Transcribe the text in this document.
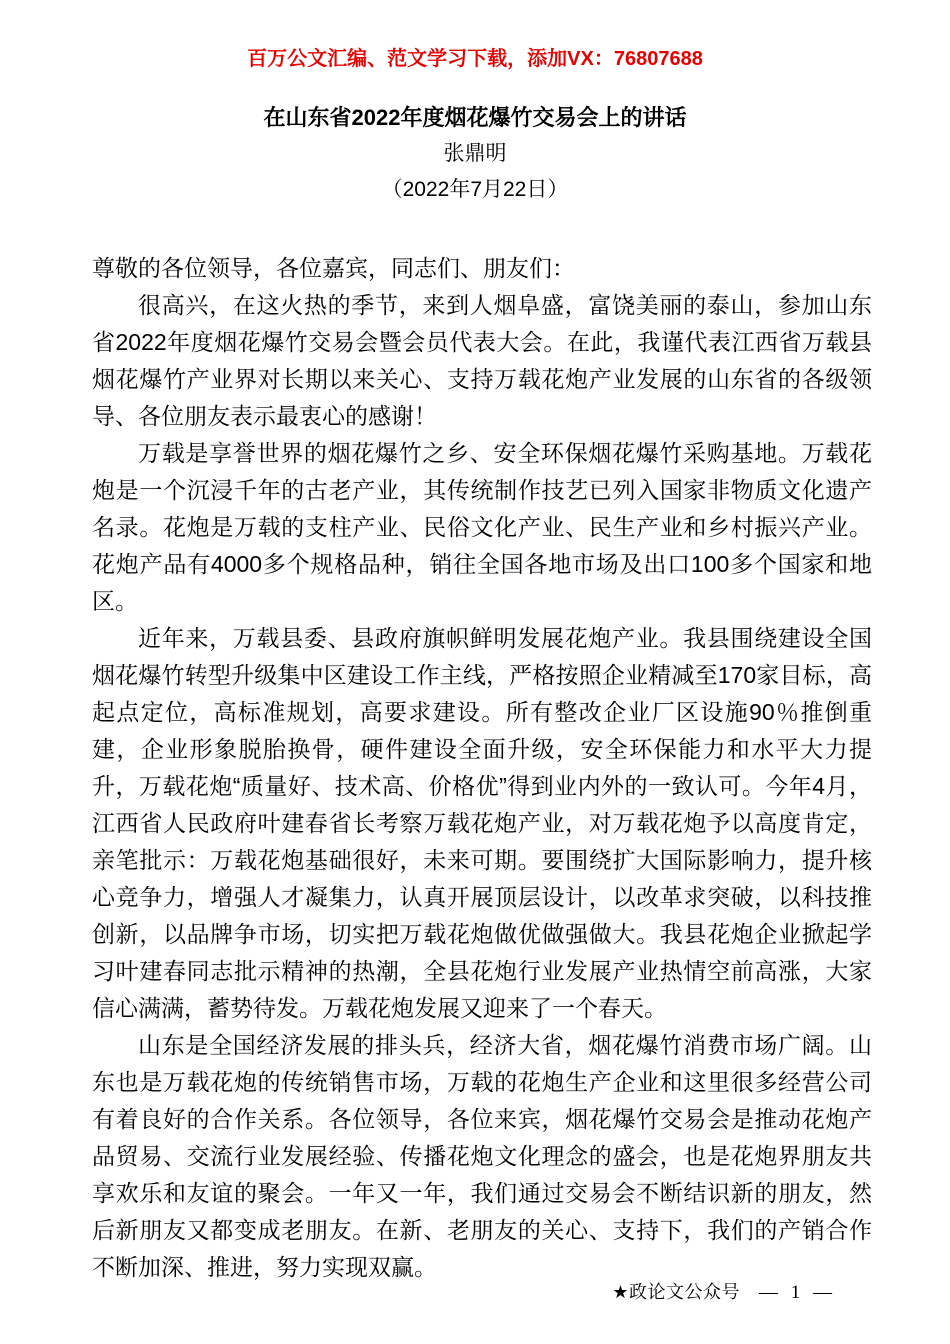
百万公文汇编、范文学习下载，添加VX：76807688

在山东省2022年度烟花爆竹交易会上的讲话

张鼎明

（2022年7月22日）

尊敬的各位领导，各位嘉宾，同志们、朋友们：

很高兴，在这火热的季节，来到人烟阜盛，富饶美丽的泰山，参加山东省2022年度烟花爆竹交易会暨会员代表大会。在此，我谨代表江西省万载县烟花爆竹产业界对长期以来关心、支持万载花炮产业发展的山东省的各级领导、各位朋友表示最衷心的感谢！

万载是享誉世界的烟花爆竹之乡、安全环保烟花爆竹采购基地。万载花炮是一个沉浸千年的古老产业，其传统制作技艺已列入国家非物质文化遗产名录。花炮是万载的支柱产业、民俗文化产业、民生产业和乡村振兴产业。花炮产品有4000多个规格品种，销往全国各地市场及出口100多个国家和地区。

近年来，万载县委、县政府旗帜鲜明发展花炮产业。我县围绕建设全国烟花爆竹转型升级集中区建设工作主线，严格按照企业精减至170家目标，高起点定位，高标准规划，高要求建设。所有整改企业厂区设施90％推倒重建，企业形象脱胎换骨，硬件建设全面升级，安全环保能力和水平大力提升，万载花炮“质量好、技术高、价格优”得到业内外的一致认可。今年4月，江西省人民政府叶建春省长考察万载花炮产业，对万载花炮予以高度肯定，亲笔批示：万载花炮基础很好，未来可期。要围绕扩大国际影响力，提升核心竞争力，增强人才凝集力，认真开展顶层设计，以改革求突破，以科技推创新，以品牌争市场，切实把万载花炮做优做强做大。我县花炮企业掀起学习叶建春同志批示精神的热潮，全县花炮行业发展产业热情空前高涨，大家信心满满，蓄势待发。万载花炮发展又迎来了一个春天。

山东是全国经济发展的排头兵，经济大省，烟花爆竹消费市场广阔。山东也是万载花炮的传统销售市场，万载的花炮生产企业和这里很多经营公司有着良好的合作关系。各位领导，各位来宾，烟花爆竹交易会是推动花炮产品贸易、交流行业发展经验、传播花炮文化理念的盛会，也是花炮界朋友共享欢乐和友谊的聚会。一年又一年，我们通过交易会不断结识新的朋友，然后新朋友又都变成老朋友。在新、老朋友的关心、支持下，我们的产销合作不断加深、推进，努力实现双赢。

★政论文公众号 — 1 —
